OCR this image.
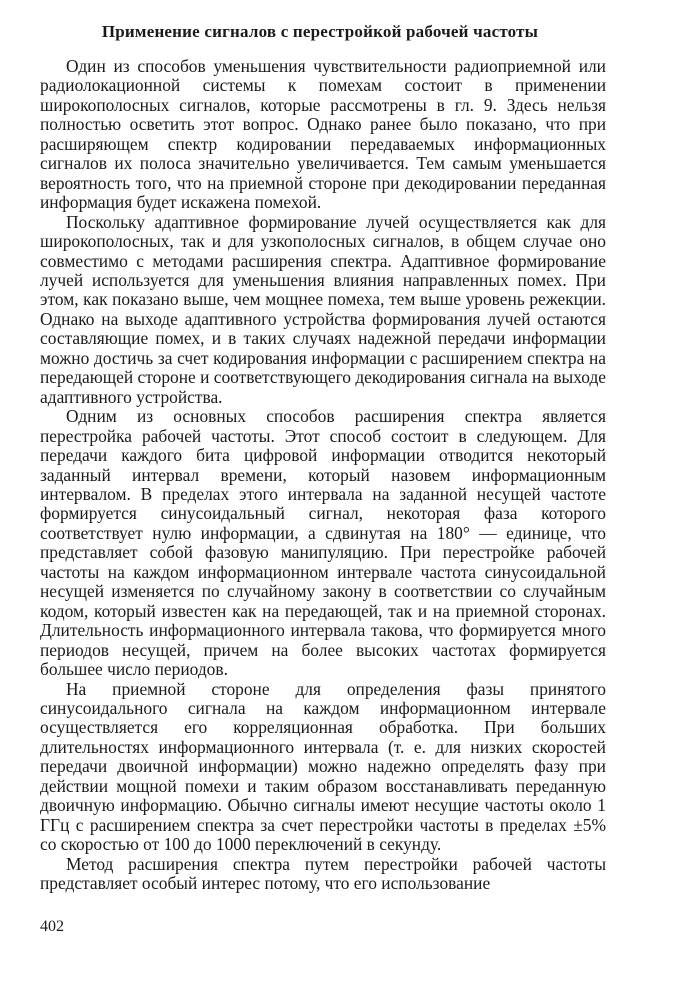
Применение сигналов с перестройкой рабочей частоты

Один из способов уменьшения чувствительности радиоприемной или радиолокационной системы к помехам состоит в применении широкополосных сигналов, которые рассмотрены в гл. 9. Здесь нельзя полностью осветить этот вопрос. Однако ранее было показано, что при расширяющем спектр кодировании передаваемых информационных сигналов их полоса значительно увеличивается. Тем самым уменьшается вероятность того, что на приемной стороне при декодировании переданная информация будет искажена помехой.

Поскольку адаптивное формирование лучей осуществляется как для широкополосных, так и для узкополосных сигналов, в общем случае оно совместимо с методами расширения спектра. Адаптивное формирование лучей используется для уменьшения влияния направленных помех. При этом, как показано выше, чем мощнее помеха, тем выше уровень режекции. Однако на выходе адаптивного устройства формирования лучей остаются составляющие помех, и в таких случаях надежной передачи информации можно достичь за счет кодирования информации с расширением спектра на передающей стороне и соответствующего декодирования сигнала на выходе адаптивного устройства.

Одним из основных способов расширения спектра является перестройка рабочей частоты. Этот способ состоит в следующем. Для передачи каждого бита цифровой информации отводится некоторый заданный интервал времени, который назовем информационным интервалом. В пределах этого интервала на заданной несущей частоте формируется синусоидальный сигнал, некоторая фаза которого соответствует нулю информации, а сдвинутая на 180° — единице, что представляет собой фазовую манипуляцию. При перестройке рабочей частоты на каждом информационном интервале частота синусоидальной несущей изменяется по случайному закону в соответствии со случайным кодом, который известен как на передающей, так и на приемной сторонах. Длительность информационного интервала такова, что формируется много периодов несущей, причем на более высоких частотах формируется большее число периодов.

На приемной стороне для определения фазы принятого синусоидального сигнала на каждом информационном интервале осуществляется его корреляционная обработка. При больших длительностях информационного интервала (т. е. для низких скоростей передачи двоичной информации) можно надежно определять фазу при действии мощной помехи и таким образом восстанавливать переданную двоичную информацию. Обычно сигналы имеют несущие частоты около 1 ГГц с расширением спектра за счет перестройки частоты в пределах ±5% со скоростью от 100 до 1000 переключений в секунду.

Метод расширения спектра путем перестройки рабочей частоты представляет особый интерес потому, что его использование

402
